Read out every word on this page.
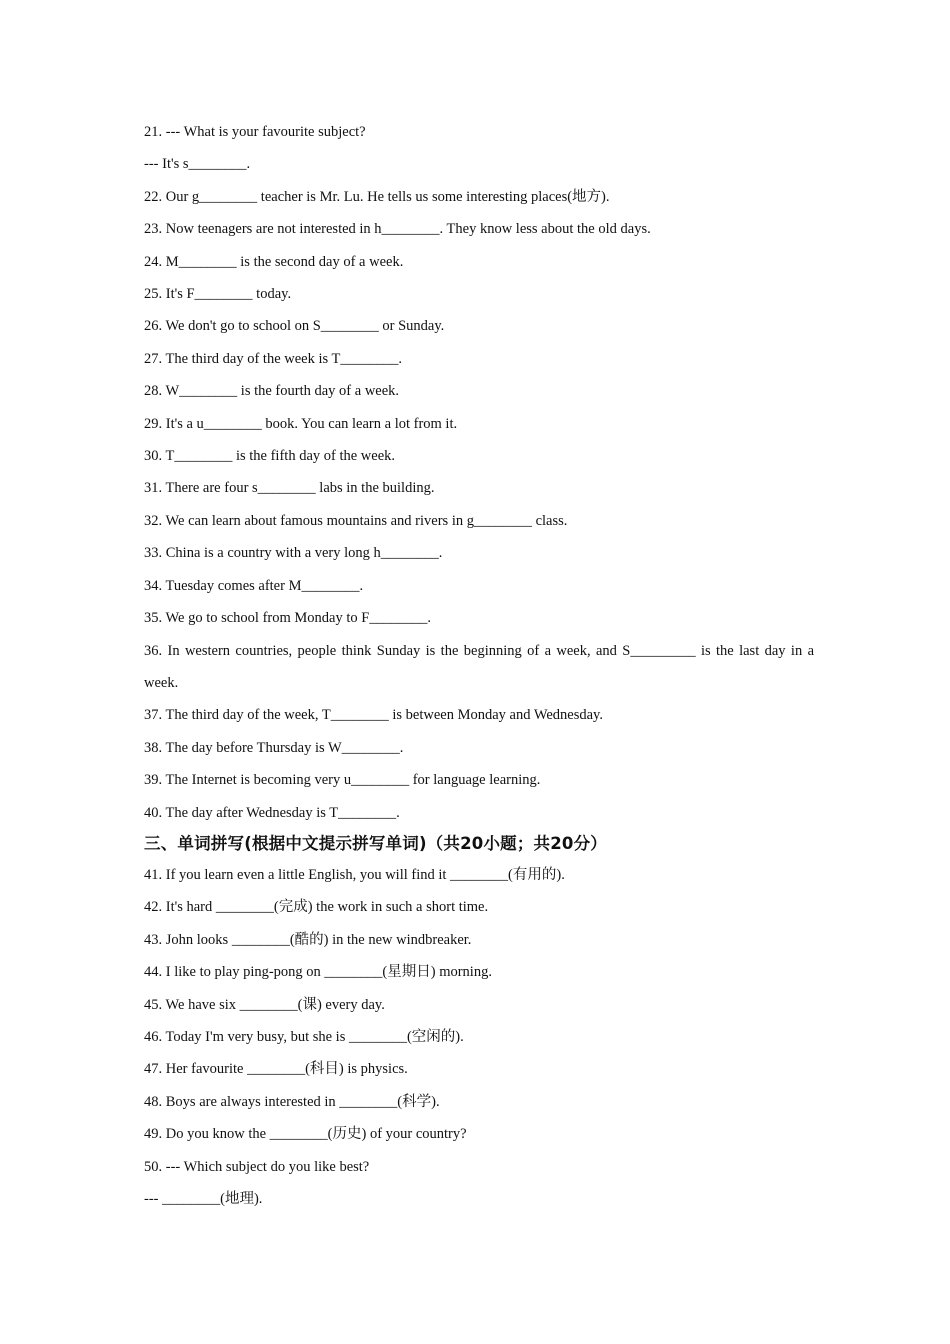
21. --- What is your favourite subject?
--- It's s________.
22. Our g________ teacher is Mr. Lu. He tells us some interesting places(地方).
23. Now teenagers are not interested in h________. They know less about the old days.
24. M________ is the second day of a week.
25. It's F________ today.
26. We don't go to school on S________ or Sunday.
27. The third day of the week is T________.
28. W________ is the fourth day of a week.
29. It's a u________ book. You can learn a lot from it.
30. T________ is the fifth day of the week.
31. There are four s________ labs in the building.
32. We can learn about famous mountains and rivers in g________ class.
33. China is a country with a very long h________.
34. Tuesday comes after M________.
35. We go to school from Monday to F________.
36. In western countries, people think Sunday is the beginning of a week, and S_________ is the last day in a week.
37. The third day of the week, T________ is between Monday and Wednesday.
38. The day before Thursday is W________.
39. The Internet is becoming very u________ for language learning.
40. The day after Wednesday is T________.
三、单词拼写(根据中文提示拼写单词)（共20小题；共20分）
41. If you learn even a little English, you will find it ________(有用的).
42. It's hard ________(完成) the work in such a short time.
43. John looks ________(酷的) in the new windbreaker.
44. I like to play ping-pong on ________(星期日) morning.
45. We have six ________(课) every day.
46. Today I'm very busy, but she is ________(空闲的).
47. Her favourite ________(科目) is physics.
48. Boys are always interested in ________(科学).
49. Do you know the ________(历史) of your country?
50. --- Which subject do you like best?
--- ________(地理).
